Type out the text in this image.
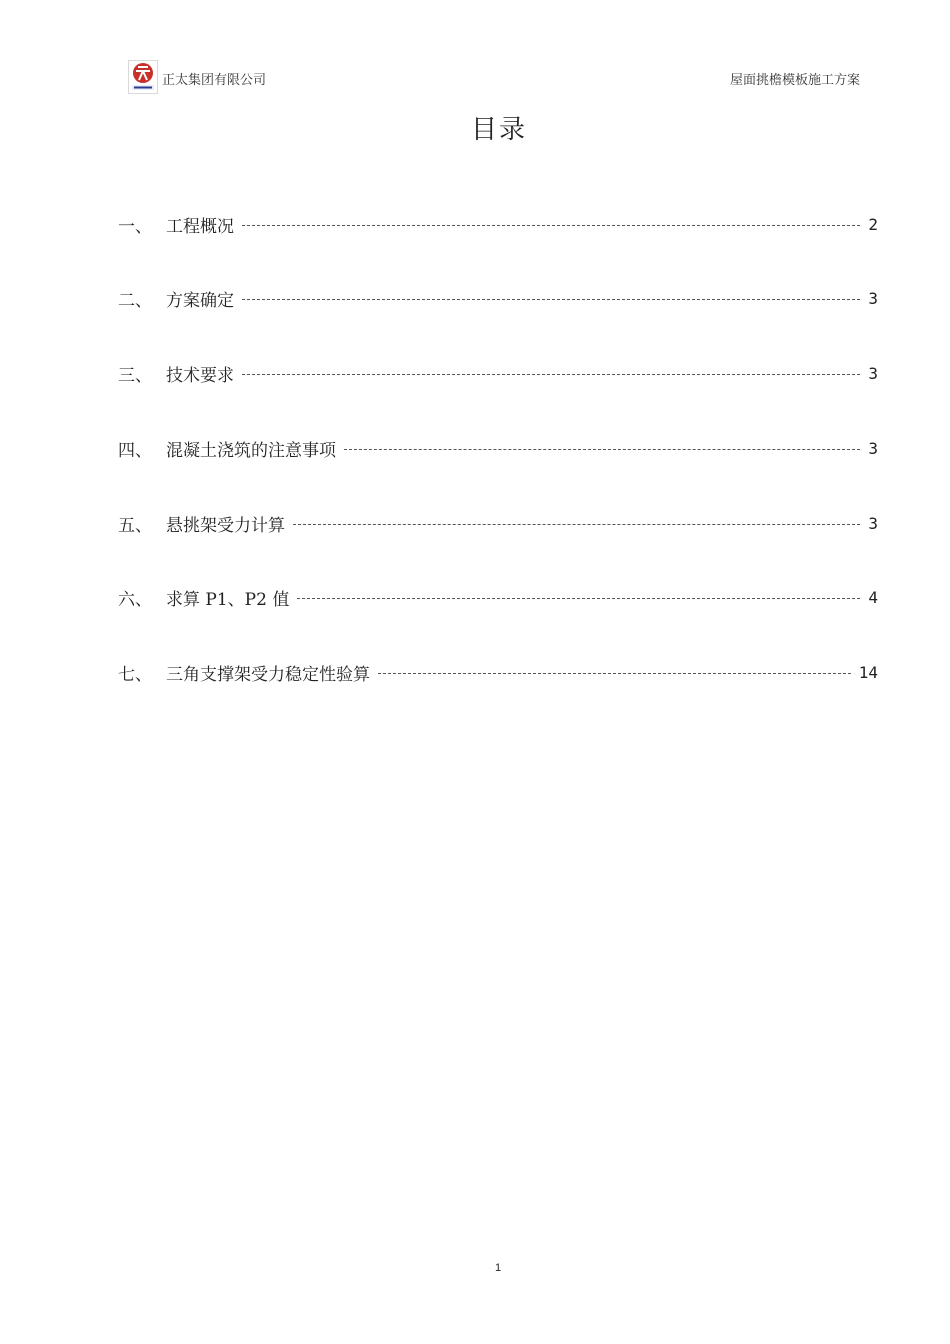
正太集团有限公司	屋面挑檐模板施工方案
目录
一、 工程概况	2
二、 方案确定	3
三、 技术要求	3
四、 混凝土浇筑的注意事项	3
五、 悬挑架受力计算	3
六、 求算 P1、P2 值	4
七、 三角支撑架受力稳定性验算	14
1
